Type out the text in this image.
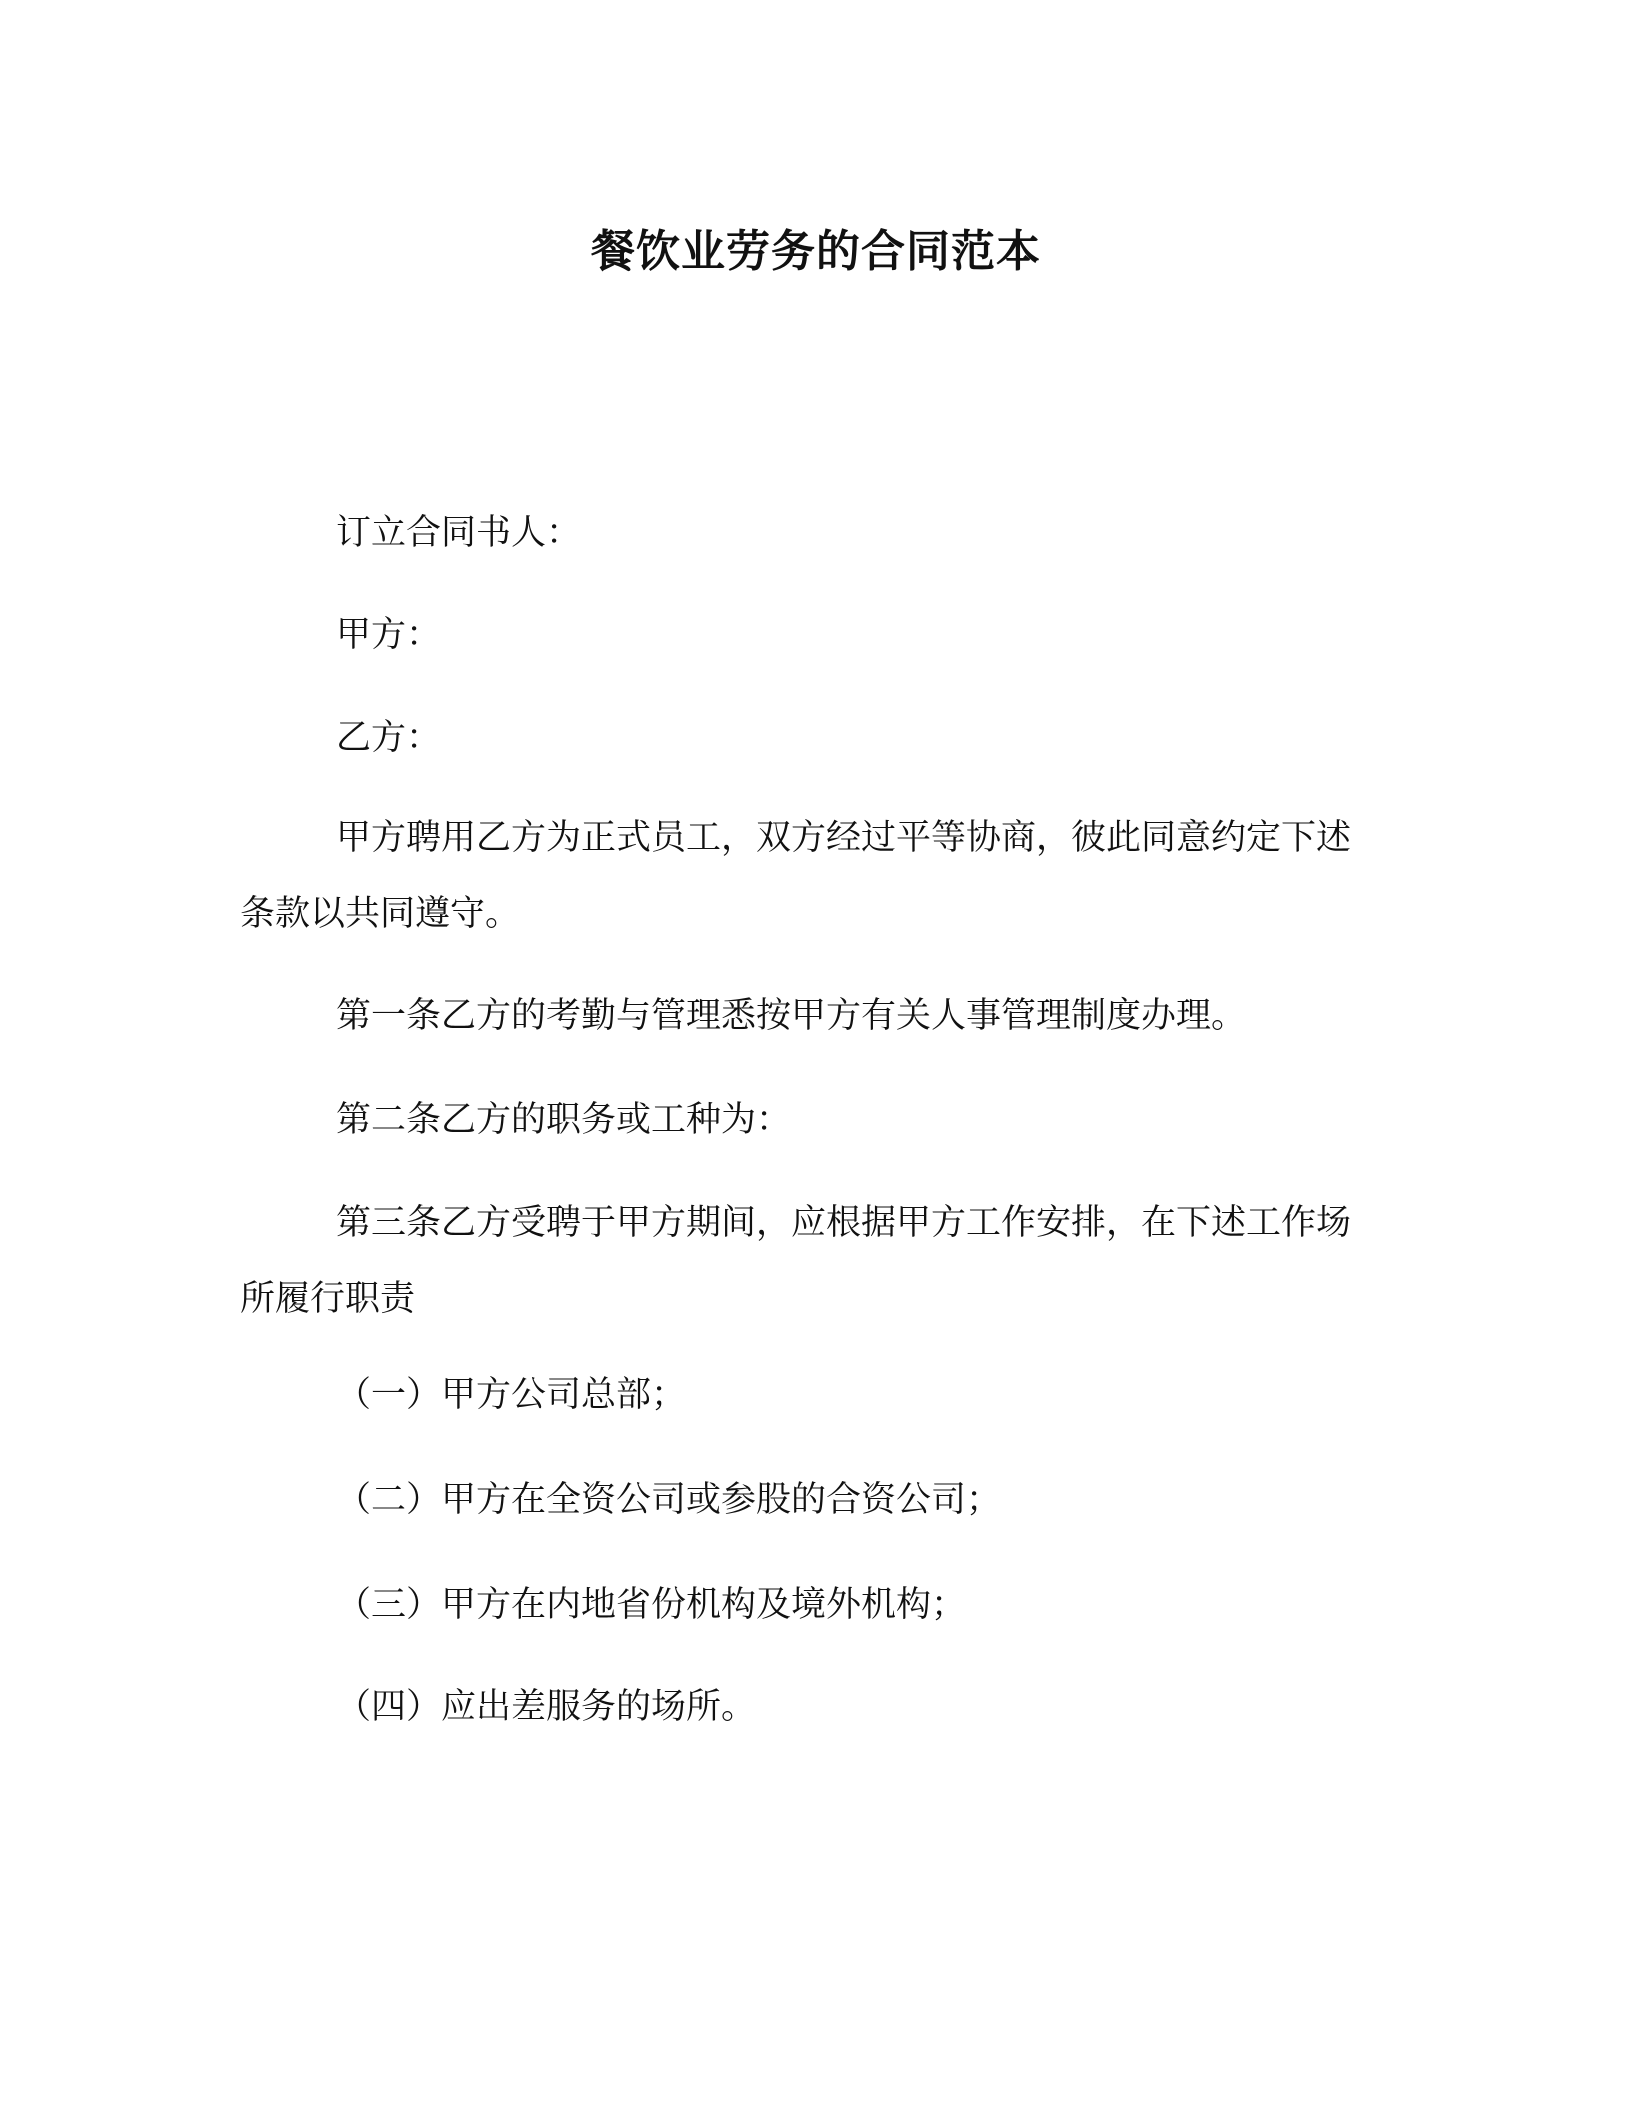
餐饮业劳务的合同范本

订立合同书人：

甲方：

乙方：

甲方聘用乙方为正式员工，双方经过平等协商，彼此同意约定下述条款以共同遵守。

第一条乙方的考勤与管理悉按甲方有关人事管理制度办理。

第二条乙方的职务或工种为：

第三条乙方受聘于甲方期间，应根据甲方工作安排，在下述工作场所履行职责

（一）甲方公司总部；

（二）甲方在全资公司或参股的合资公司；

（三）甲方在内地省份机构及境外机构；

（四）应出差服务的场所。
